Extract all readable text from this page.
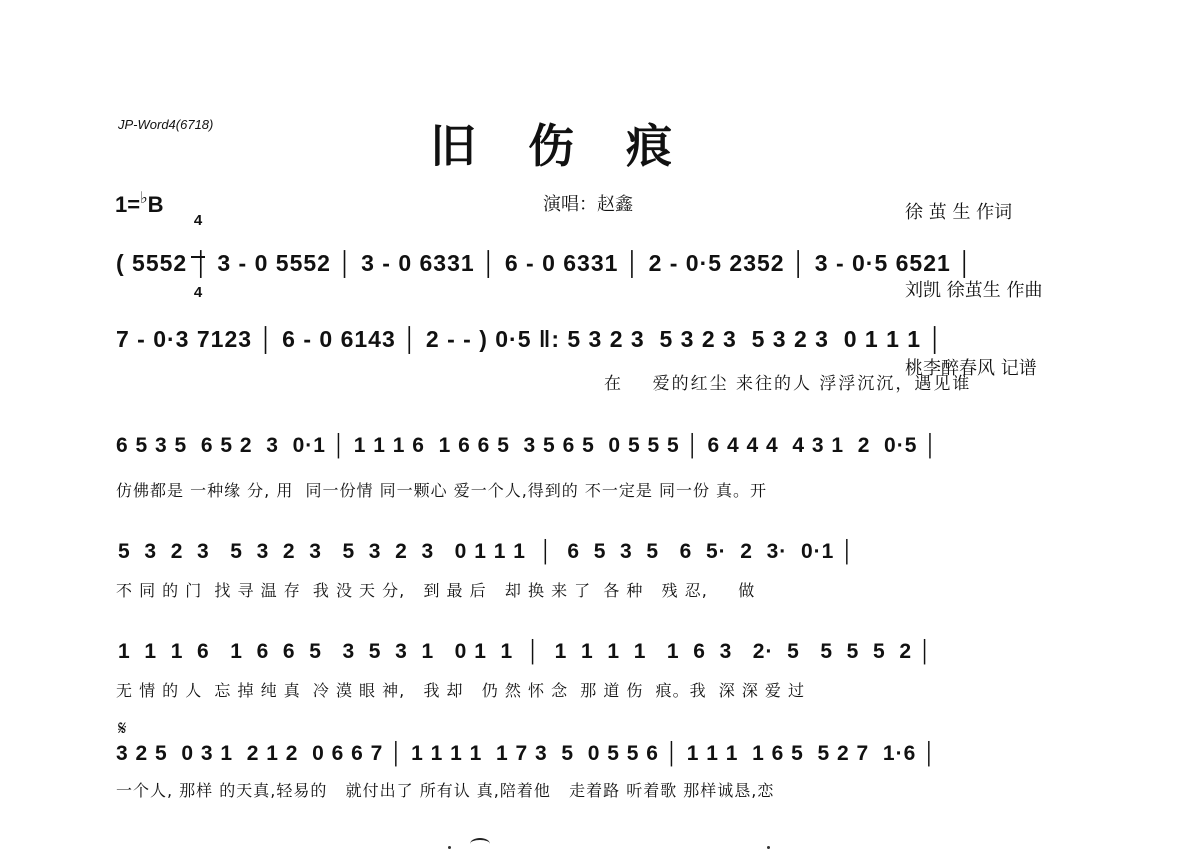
JP-Word4(6718)	旧伤痕

徐 茧 生 作词

刘凯 徐茧生 作曲

桃李醉春风 记谱

1=♭B

4

4

演唱：赵鑫
( 5552 │ 3 - 0 5552 │ 3 - 0 6331 │ 6 - 0 6331 │ 2 - 0·5 2352 │ 3 - 0·5 6521 │
7 - 0·3 7123 │ 6 - 0 6143 │ 2 - - ) 0·5 ‖: 5 3 2 3  5 3 2 3  5 3 2 3  0 1 1 1 │
在    爱的红尘 来往的人 浮浮沉沉，遇见谁
6 5 3 5  6 5 2  3  0·1 │ 1 1 1 6  1 6 6 5  3 5 6 5  0 5 5 5 │ 6 4 4 4  4 3 1  2  0·5 │
仿佛都是 一种缘 分, 用  同一份情 同一颗心 爱一个人,得到的 不一定是 同一份 真。开
5  3  2  3   5  3  2  3   5  3  2  3   0 1 1 1  │  6  5  3  5   6  5·  2  3·  0·1 │
不 同 的 门  找 寻 温 存  我 没 天 分,   到 最 后   却 换 来 了  各 种   残 忍,     做
1  1  1  6   1  6  6  5   3  5  3  1   0 1  1  │  1  1  1  1   1  6  3   2·  5   5  5  5  2 │
无 情 的 人  忘 掉 纯 真  冷 漠 眼 神,   我 却   仍 然 怀 念  那 道 伤  痕。我  深 深 爱 过
𝄋
3 2 5  0 3 1  2 1 2  0 6 6 7 │ 1 1 1 1  1 7 3  5  0 5 5 6 │ 1 1 1  1 6 5  5 2 7  1·6 │
一个人, 那样 的天真,轻易的   就付出了 所有认 真,陪着他   走着路 听着歌 那样诚恳,恋
